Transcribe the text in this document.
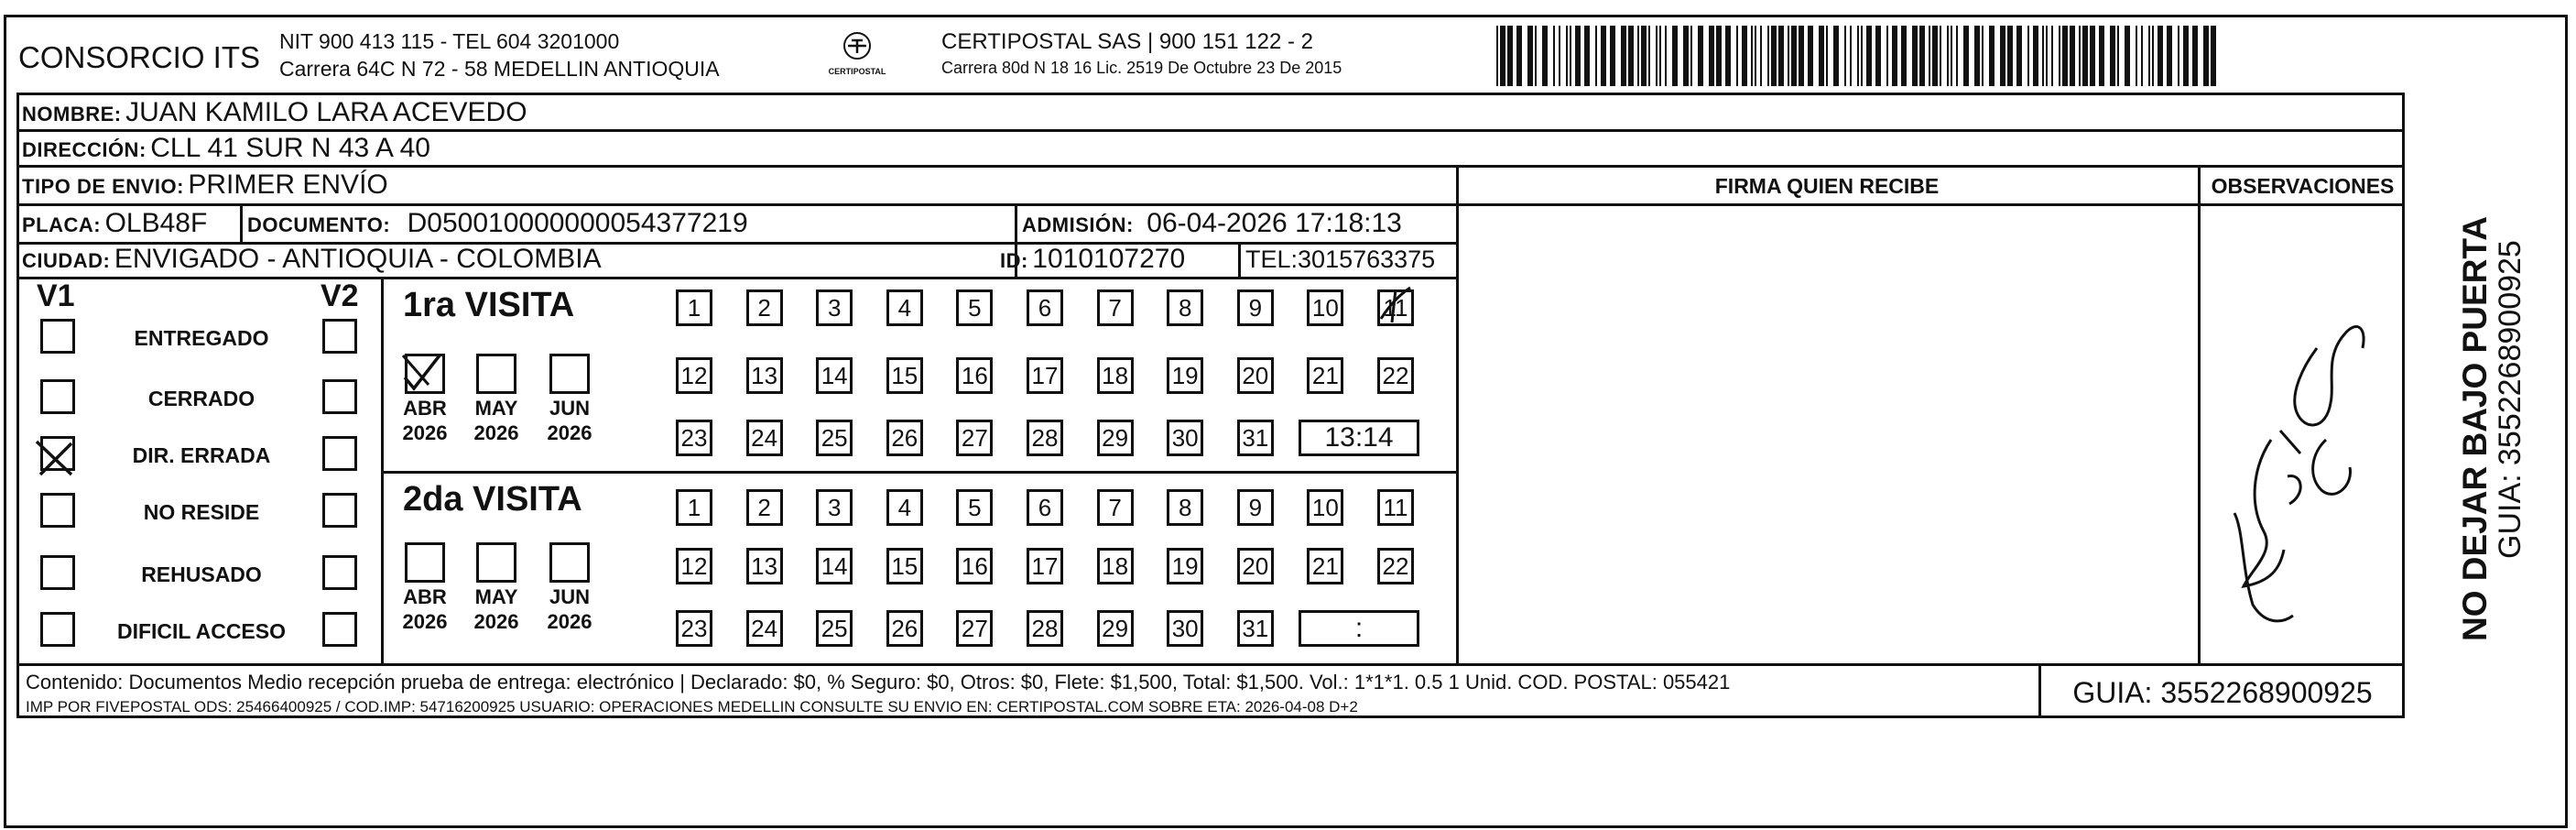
CONSORCIO ITS NIT 900 413 115 - TEL 604 3201000
Carrera 64C N 72 - 58 MEDELLIN ANTIOQUIA	CERTIPOSTAL
CERTIPOSTAL SAS | 900 151 122 - 2
Carrera 80d N 18 16 Lic. 2519 De Octubre 23 De 2015
NOMBRE: JUAN KAMILO LARA ACEVEDO
DIRECCIÓN: CLL 41 SUR N 43 A 40
TIPO DE ENVIO: PRIMER ENVÍO
PLACA: OLB48F DOCUMENTO: D050010000000054377219	ADMISIÓN: 06-04-2026 17:18:13
CIUDAD: ENVIGADO - ANTIOQUIA - COLOMBIA	ID: 1010107270 TEL:3015763375
FIRMA QUIEN RECIBE	OBSERVACIONES
V1	V2
ENTREGADO
CERRADO
DIR. ERRADA
NO RESIDE
REHUSADO
DIFICIL ACCESO
1ra VISITA
2da VISITA
ABR
2026
MAY
2026
JUN
2026
ABR
2026
MAY
2026
JUN
2026
1	2	3	4	5	6	7	8	9	10 11
12 13 14 15 16 17 18 19 20 21 22
23 24 25 26 27 28 29 30 31	13:14
1	2	3	4	5	6	7	8	9	10 11
12 13 14 15 16 17 18 19 20 21 22
23 24 25 26 27 28 29 30 31	:
Contenido: Documentos Medio recepción prueba de entrega: electrónico | Declarado: $0, % Seguro: $0, Otros: $0, Flete: $1,500, Total: $1,500. Vol.: 1*1*1. 0.5 1 Unid. COD. POSTAL: 055421
IMP POR FIVEPOSTAL ODS: 25466400925 / COD.IMP: 54716200925 USUARIO: OPERACIONES MEDELLIN CONSULTE SU ENVIO EN: CERTIPOSTAL.COM SOBRE ETA: 2026-04-08 D+2	GUIA: 3552268900925
NO DEJAR BAJO PUERTA GUIA: 3552268900925
